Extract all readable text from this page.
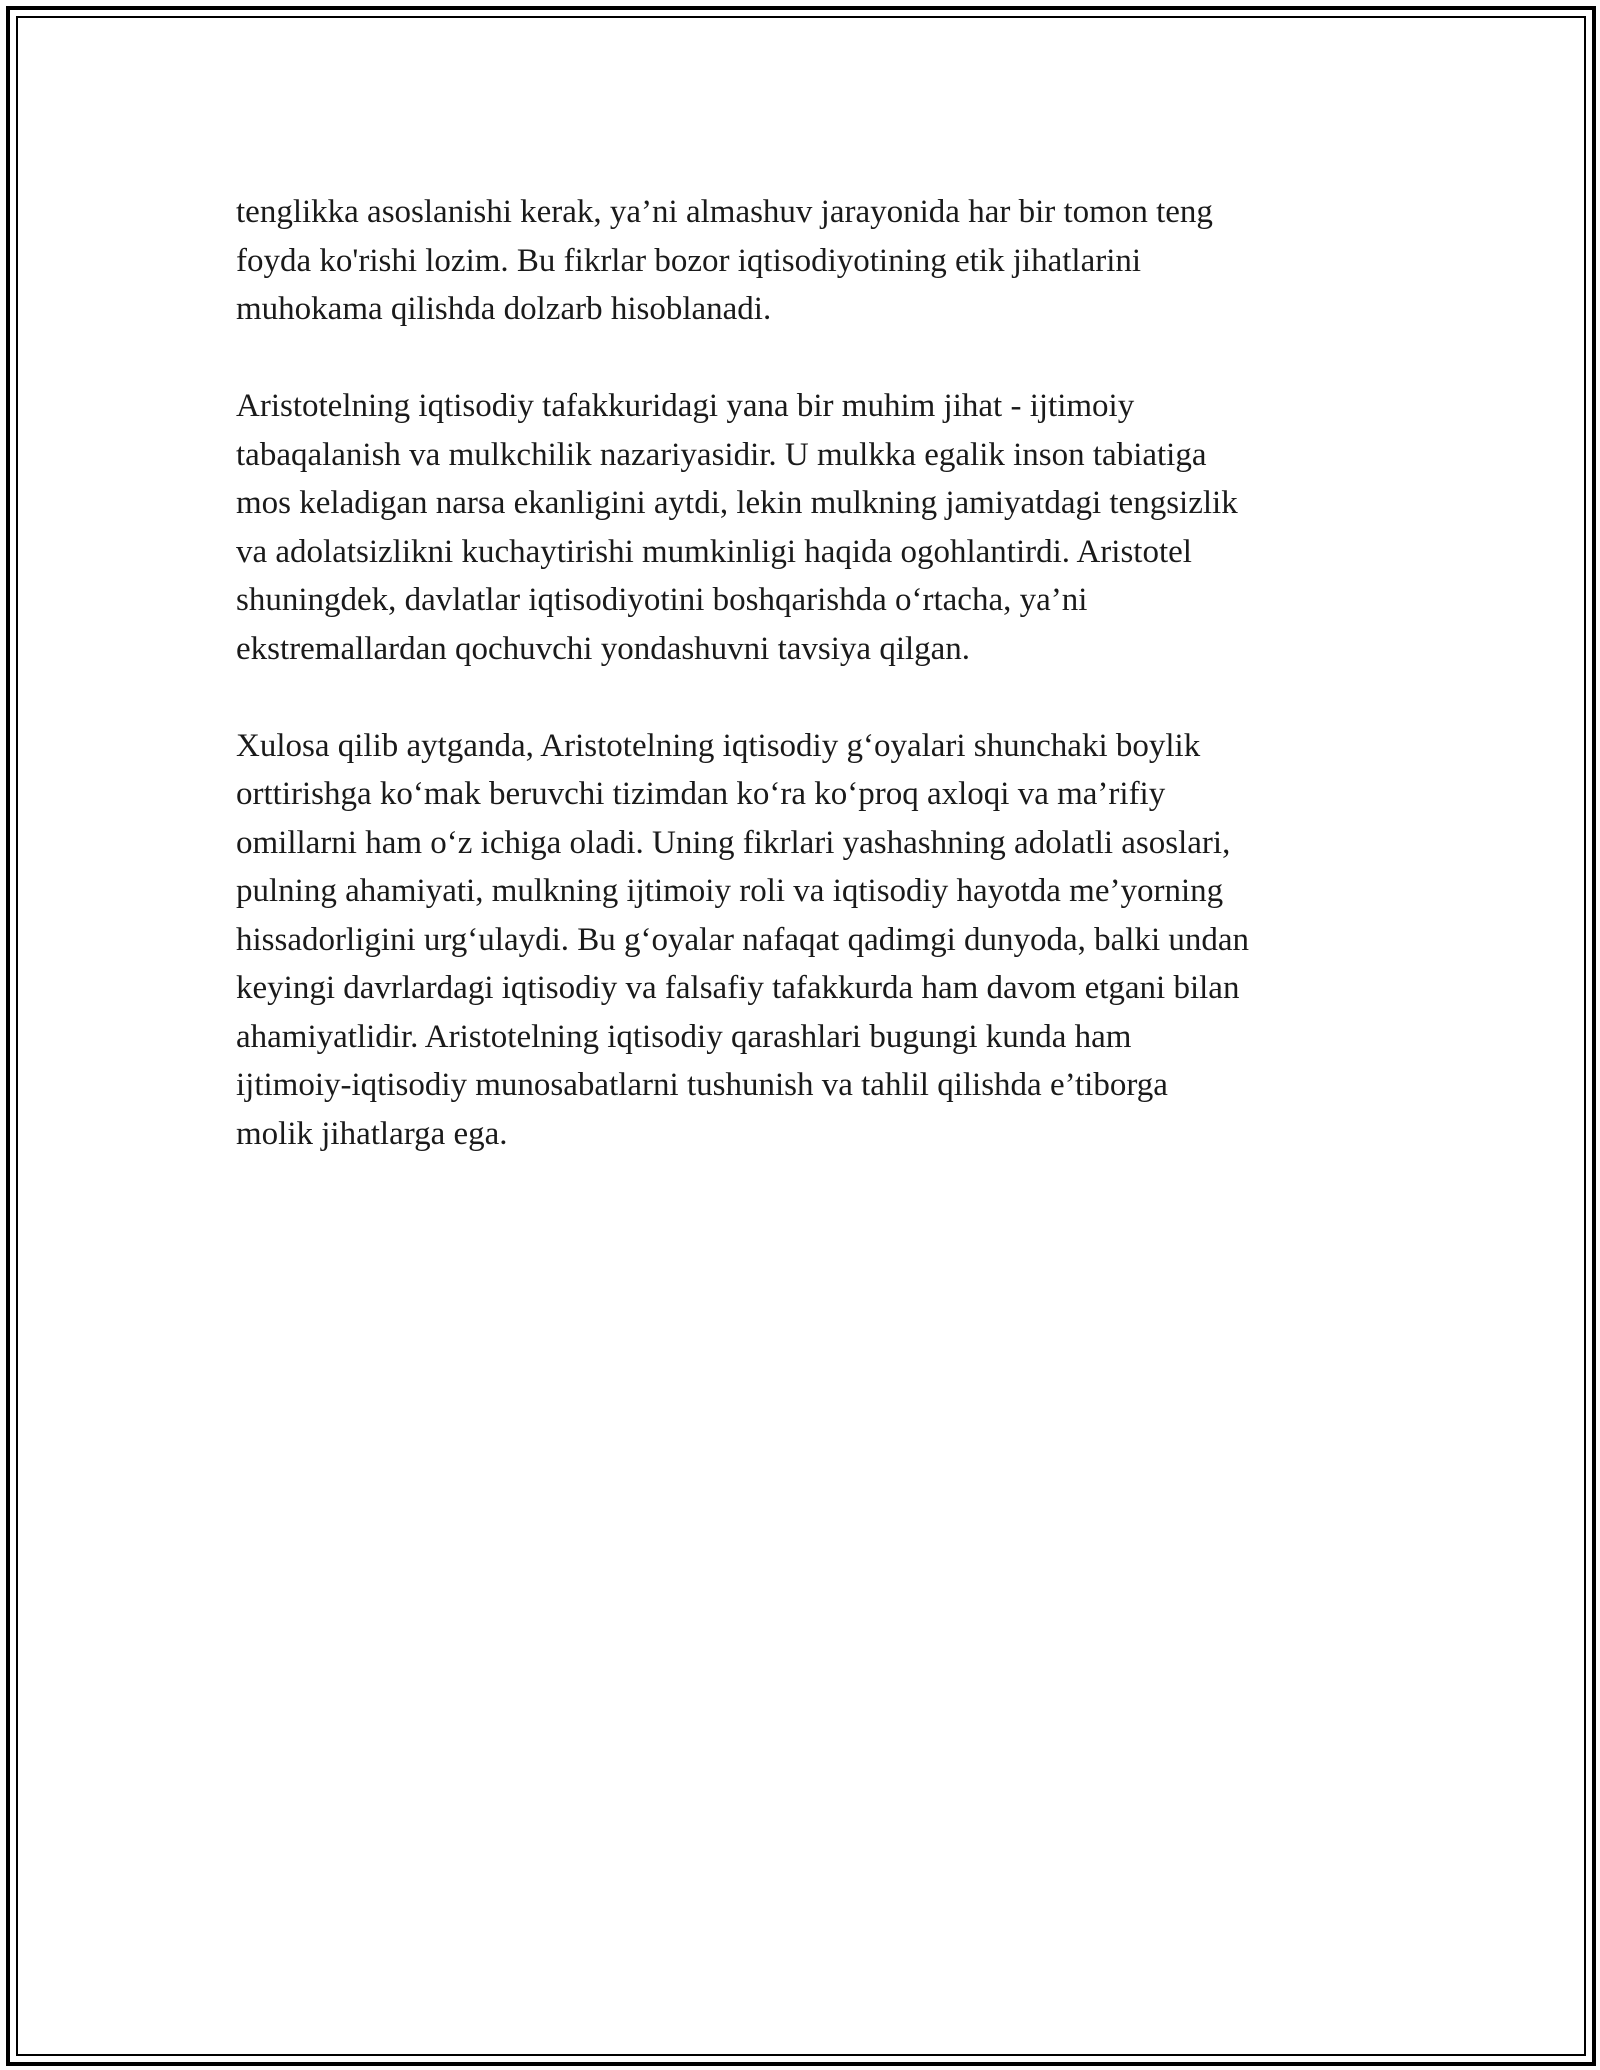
tenglikka asoslanishi kerak, ya’ni almashuv jarayonida har bir tomon teng
foyda ko'rishi lozim. Bu fikrlar bozor iqtisodiyotining etik jihatlarini
muhokama qilishda dolzarb hisoblanadi.

Aristotelning iqtisodiy tafakkuridagi yana bir muhim jihat - ijtimoiy
tabaqalanish va mulkchilik nazariyasidir. U mulkka egalik inson tabiatiga
mos keladigan narsa ekanligini aytdi, lekin mulkning jamiyatdagi tengsizlik
va adolatsizlikni kuchaytirishi mumkinligi haqida ogohlantirdi. Aristotel
shuningdek, davlatlar iqtisodiyotini boshqarishda o‘rtacha, ya’ni
ekstremallardan qochuvchi yondashuvni tavsiya qilgan.

Xulosa qilib aytganda, Aristotelning iqtisodiy g‘oyalari shunchaki boylik
orttirishga ko‘mak beruvchi tizimdan ko‘ra ko‘proq axloqi va ma’rifiy
omillarni ham o‘z ichiga oladi. Uning fikrlari yashashning adolatli asoslari,
pulning ahamiyati, mulkning ijtimoiy roli va iqtisodiy hayotda me’yorning
hissadorligini urg‘ulaydi. Bu g‘oyalar nafaqat qadimgi dunyoda, balki undan
keyingi davrlardagi iqtisodiy va falsafiy tafakkurda ham davom etgani bilan
ahamiyatlidir. Aristotelning iqtisodiy qarashlari bugungi kunda ham
ijtimoiy-iqtisodiy munosabatlarni tushunish va tahlil qilishda e’tiborga
molik jihatlarga ega.
